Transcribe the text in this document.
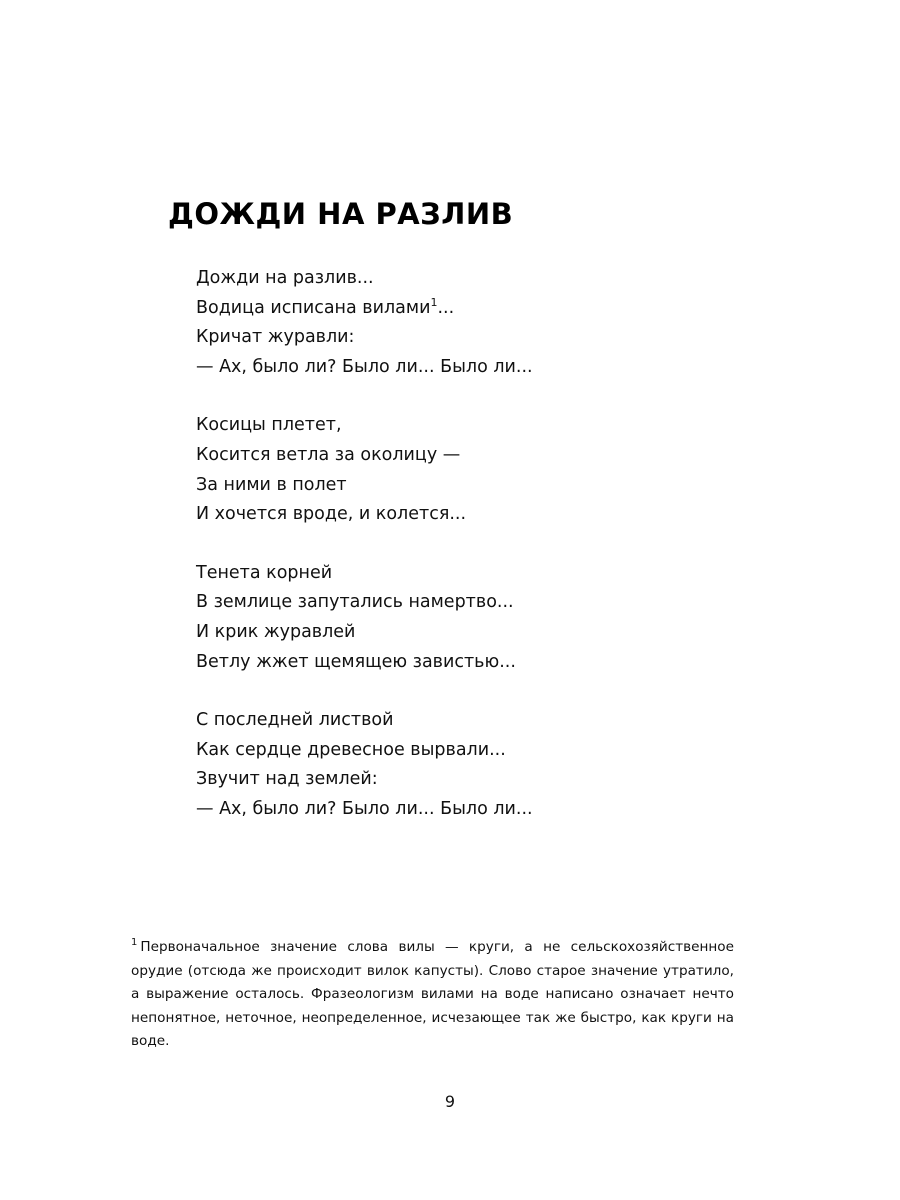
ДОЖДИ НА РАЗЛИВ
Дожди на разлив...
Водица исписана вилами$^1$...
Кричат журавли:
— Ах, было ли? Было ли... Было ли...
Косицы плетет,
Косится ветла за околицу —
За ними в полет
И хочется вроде, и колется...
Тенета корней
В землице запутались намертво...
И крик журавлей
Ветлу жжет щемящею завистью...
С последней листвой
Как сердце древесное вырвали...
Звучит над землей:
— Ах, было ли? Было ли... Было ли...
$^1$ Первоначальное значение слова вилы — круги, а не сельскохозяйственное орудие (отсюда же происходит вилок капусты). Слово старое значение утратило, а выражение осталось. Фразеологизм вилами на воде написано означает нечто непонятное, неточное, неопределенное, исчезающее так же быстро, как круги на воде.
9
